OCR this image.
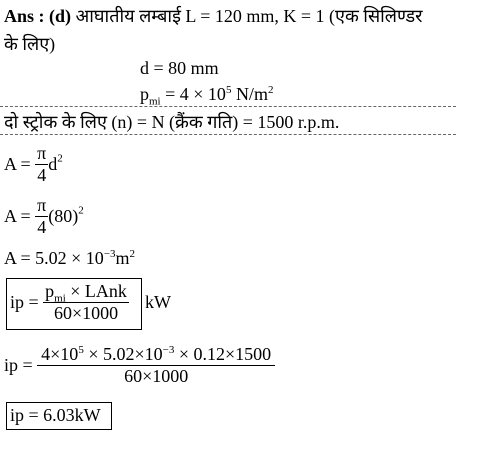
Ans : (d) आघातीय लम्बाई L = 120 mm, K = 1 (एक सिलिण्डर
के लिए)
d = 80 mm
$p_{mi} = 4 \times 10^5$ $N/m^2$
दो स्ट्रोक के लिए (n) = N (क्रैंक गति) = 1500 r.p.m.
$A = \frac{\pi}{4} d^2$
$A = \frac{\pi}{4} (80)^2$
$A = 5.02 \times 10^{-3}m^2$
ip = $\frac{p_{mi} \times LAnk}{60\times 1000}$ kW
ip = $\frac{4\times 10^5 \times 5.02\times 10^{-3} \times 0.12\times 1500}{60\times 1000}$
ip = 6.03kW
